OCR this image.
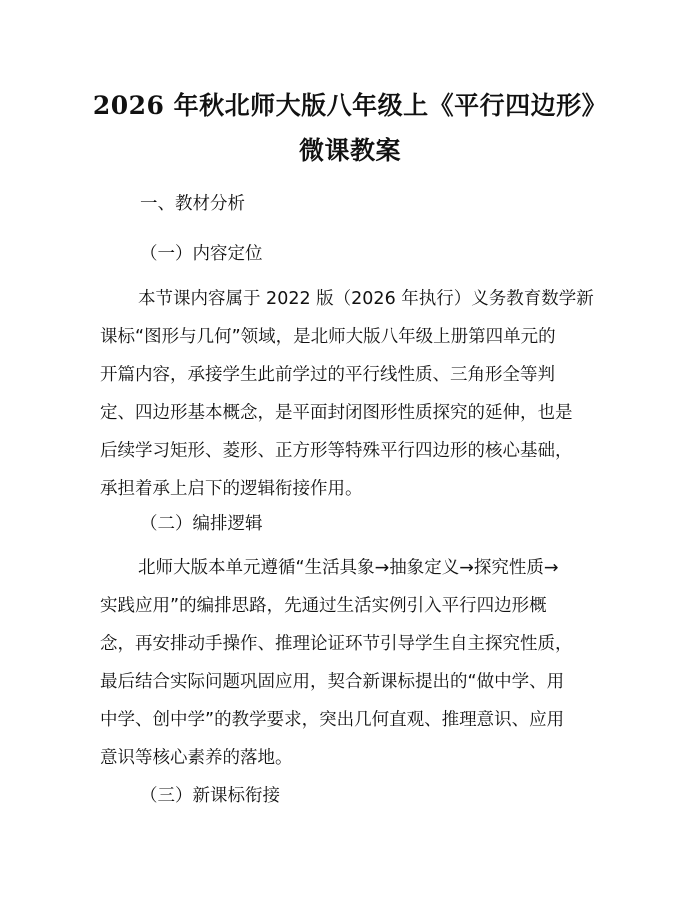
2026 年秋北师大版八年级上《平行四边形》
微课教案
一、教材分析
（一）内容定位
本节课内容属于 2022 版（2026 年执行）义务教育数学新
课标“图形与几何”领域，是北师大版八年级上册第四单元的
开篇内容，承接学生此前学过的平行线性质、三角形全等判
定、四边形基本概念，是平面封闭图形性质探究的延伸，也是
后续学习矩形、菱形、正方形等特殊平行四边形的核心基础，
承担着承上启下的逻辑衔接作用。
（二）编排逻辑
北师大版本单元遵循“生活具象→抽象定义→探究性质→
实践应用”的编排思路，先通过生活实例引入平行四边形概
念，再安排动手操作、推理论证环节引导学生自主探究性质，
最后结合实际问题巩固应用，契合新课标提出的“做中学、用
中学、创中学”的教学要求，突出几何直观、推理意识、应用
意识等核心素养的落地。
（三）新课标衔接
